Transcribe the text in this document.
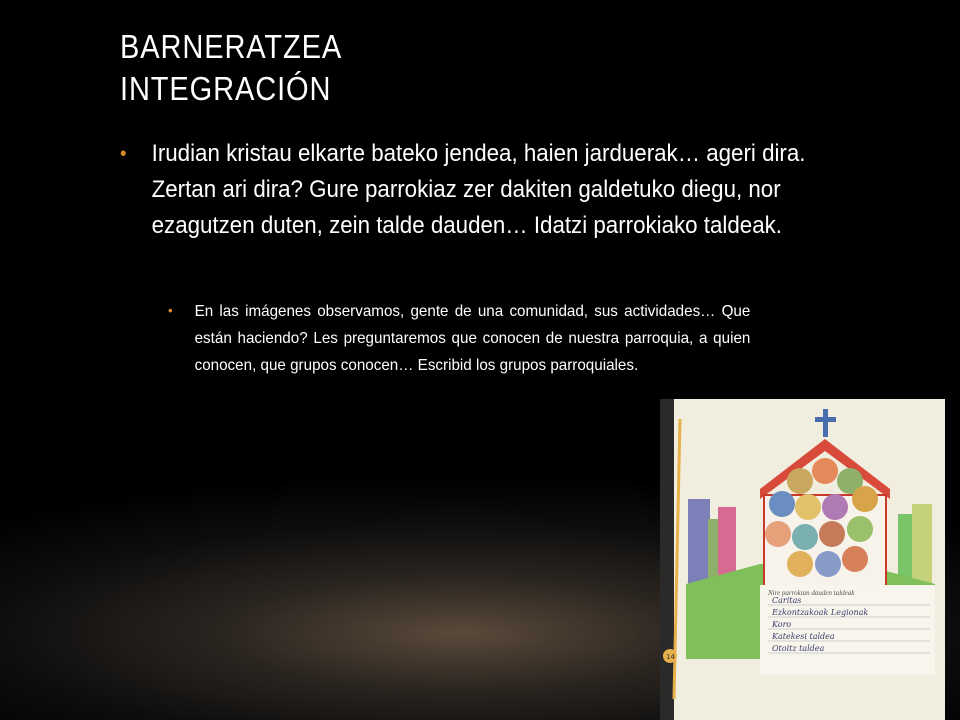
BARNERATZEA
INTEGRACIÓN

• Irudian kristau elkarte bateko jendea, haien jarduerak… ageri dira. Zertan ari dira? Gure parrokiaz zer dakiten galdetuko diegu, nor ezagutzen duten, zein talde dauden… Idatzi parrokiako taldeak.

• En las imágenes observamos, gente de una comunidad, sus actividades… Que están haciendo? Les preguntaremos que conocen de nuestra parroquia, a quien conocen, que grupos conocen… Escribid los grupos parroquiales.

Nire parrokian dauden taldeak
Caritas
Ezkontzakoak Legionak
Koro
Katekesi taldea
Otoitz taldea
14
